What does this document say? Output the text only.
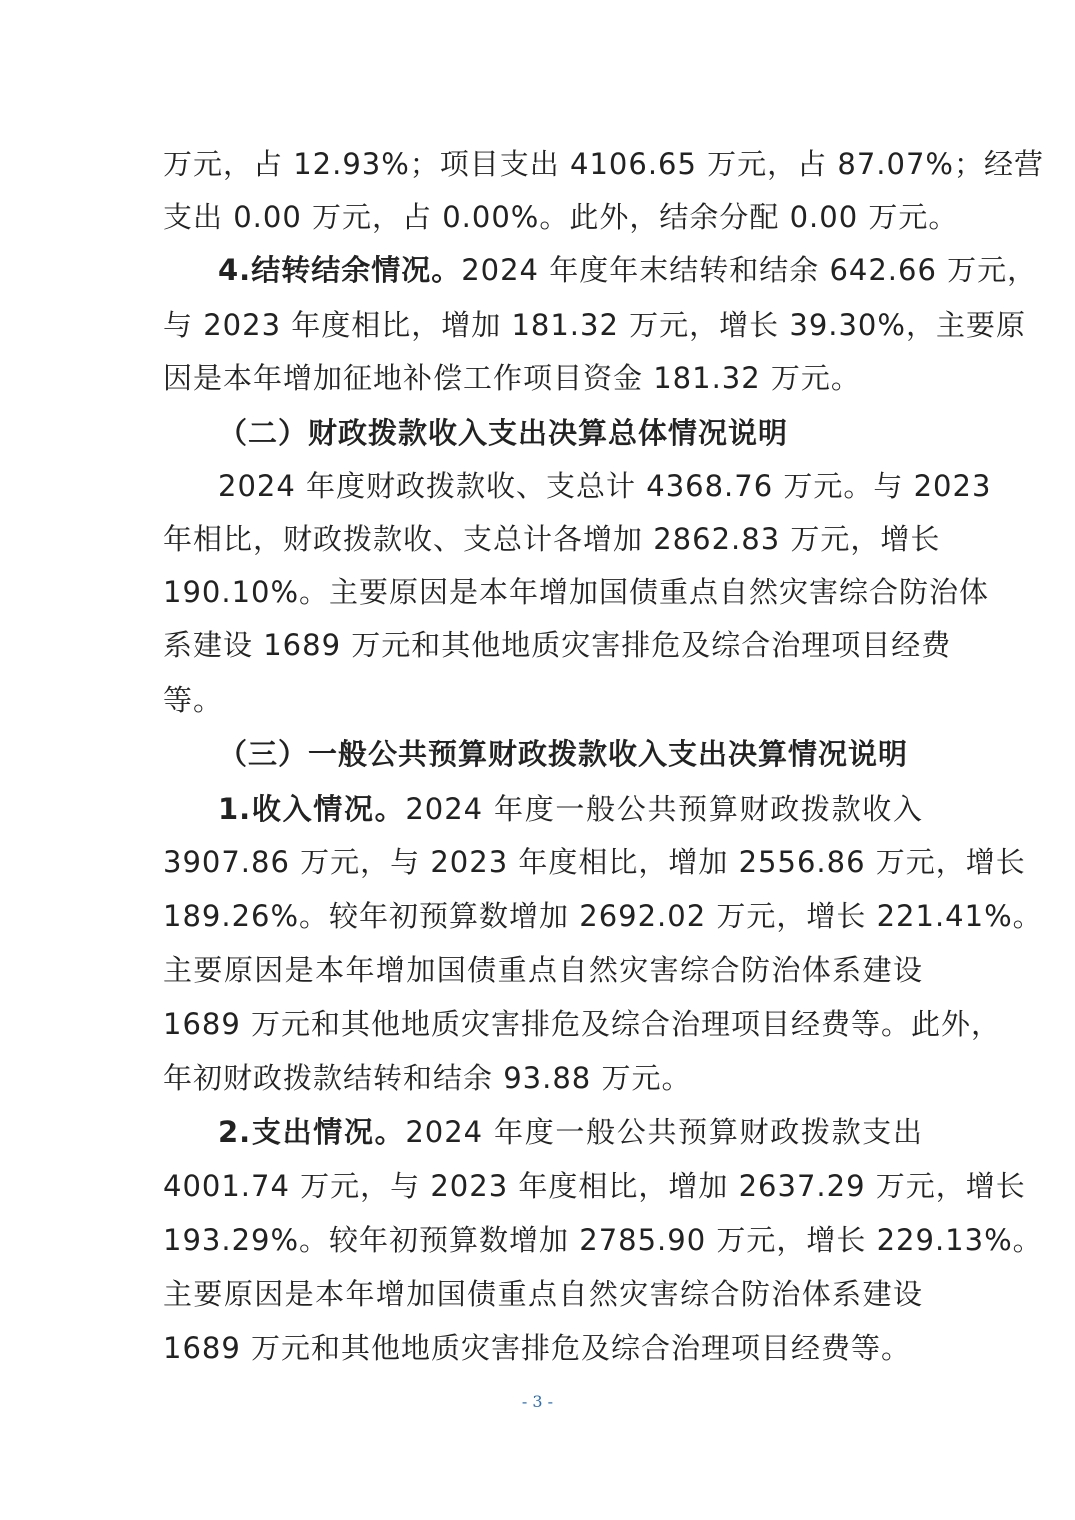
万元，占 12.93%；项目支出 4106.65 万元，占 87.07%；经营
支出 0.00 万元，占 0.00%。此外，结余分配 0.00 万元。
4.结转结余情况。2024 年度年末结转和结余 642.66 万元，
与 2023 年度相比，增加 181.32 万元，增长 39.30%，主要原
因是本年增加征地补偿工作项目资金 181.32 万元。
（二）财政拨款收入支出决算总体情况说明
2024 年度财政拨款收、支总计 4368.76 万元。与 2023
年相比，财政拨款收、支总计各增加 2862.83 万元，增长
190.10%。主要原因是本年增加国债重点自然灾害综合防治体
系建设 1689 万元和其他地质灾害排危及综合治理项目经费
等。
（三）一般公共预算财政拨款收入支出决算情况说明
1.收入情况。2024 年度一般公共预算财政拨款收入
3907.86 万元，与 2023 年度相比，增加 2556.86 万元，增长
189.26%。较年初预算数增加 2692.02 万元，增长 221.41%。
主要原因是本年增加国债重点自然灾害综合防治体系建设
1689 万元和其他地质灾害排危及综合治理项目经费等。此外，
年初财政拨款结转和结余 93.88 万元。
2.支出情况。2024 年度一般公共预算财政拨款支出
4001.74 万元，与 2023 年度相比，增加 2637.29 万元，增长
193.29%。较年初预算数增加 2785.90 万元，增长 229.13%。
主要原因是本年增加国债重点自然灾害综合防治体系建设
1689 万元和其他地质灾害排危及综合治理项目经费等。
- 3 -
